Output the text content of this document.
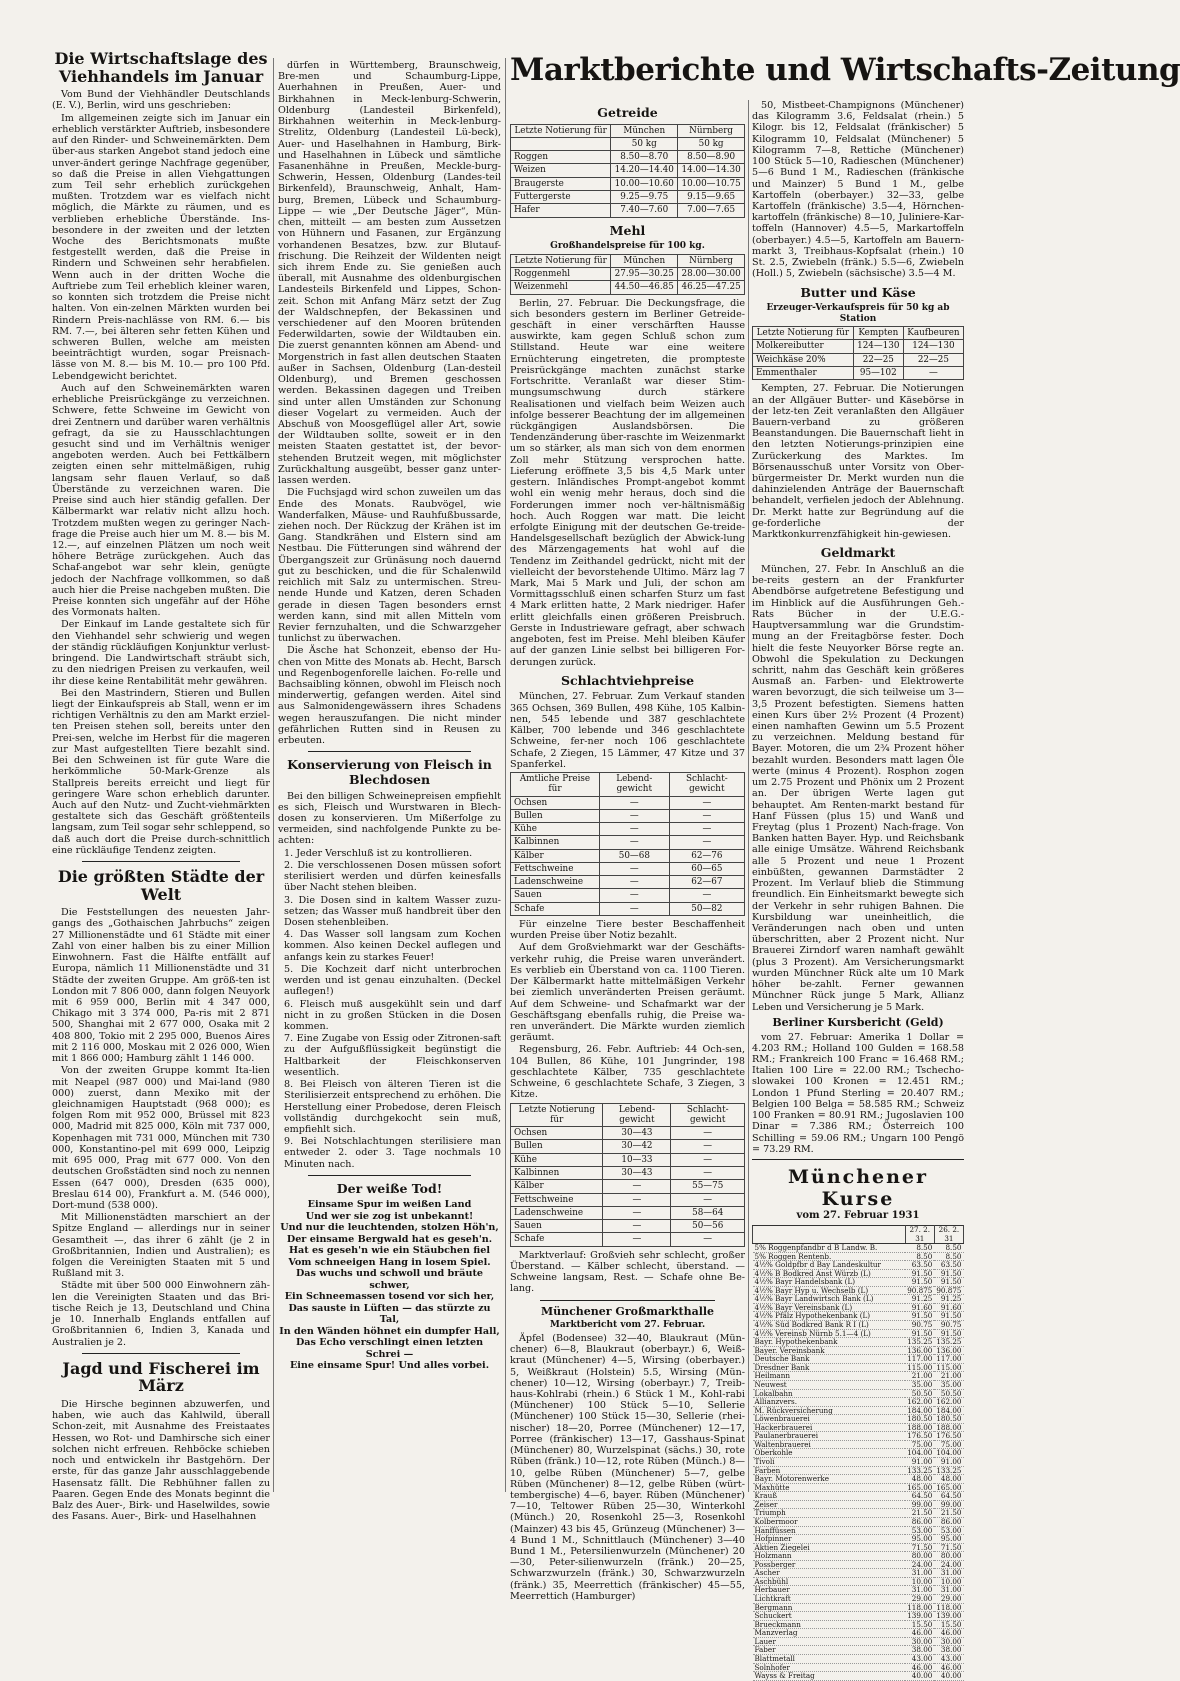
Marktberichte und Wirtschafts-Zeitung
Die Wirtschaftslage des Viehhandels im Januar

Vom Bund der Viehhändler Deutschlands (E. V.), Berlin, wird uns geschrieben:

Im allgemeinen zeigte sich im Januar ein erheblich verstärkter Auftrieb, insbesondere auf den Rinder- und Schweinemärkten. Dem über-aus starken Angebot stand jedoch eine unver-ändert geringe Nachfrage gegenüber, so daß die Preise in allen Viehgattungen zum Teil sehr erheblich zurückgehen mußten. Trotzdem war es vielfach nicht möglich, die Märkte zu räumen, und es verblieben erhebliche Überstände. Ins-besondere in der zweiten und der letzten Woche des Berichtsmonats mußte festgestellt werden, daß die Preise in Rindern und Schweinen sehr herabfielen. Wenn auch in der dritten Woche die Auftriebe zum Teil erheblich kleiner waren, so konnten sich trotzdem die Preise nicht halten. Von ein-zelnen Märkten wurden bei Rindern Preis-nachlässe von RM. 6.— bis RM. 7.—, bei älteren sehr fetten Kühen und schweren Bullen, welche am meisten beeinträchtigt wurden, sogar Preisnach-lässe von M. 8.— bis M. 10.— pro 100 Pfd. Lebendgewicht berichtet.

Auch auf den Schweinemärkten waren erhebliche Preisrückgänge zu verzeichnen. Schwere, fette Schweine im Gewicht von drei Zentnern und darüber waren verhältnis gefragt, da sie zu Hausschlachtungen gesucht sind und im Verhältnis weniger angeboten werden. Auch bei Fettkälbern zeigten einen sehr mittelmäßigen, ruhig langsam sehr flauen Verlauf, so daß Überstände zu verzeichnen waren. Die Preise sind auch hier ständig gefallen. Der Kälbermarkt war relativ nicht allzu hoch. Trotzdem mußten wegen zu geringer Nach-frage die Preise auch hier um M. 8.— bis M. 12.—, auf einzelnen Plätzen um noch weit höhere Beträge zurückgehen. Auch das Schaf-angebot war sehr klein, genügte jedoch der Nachfrage vollkommen, so daß auch hier die Preise nachgeben mußten. Die Preise konnten sich ungefähr auf der Höhe des Vormonats halten.

Der Einkauf im Lande gestaltete sich für den Viehhandel sehr schwierig und wegen der ständig rückläufigen Konjunktur verlust-bringend. Die Landwirtschaft sträubt sich, zu den niedrigen Preisen zu verkaufen, weil ihr diese keine Rentabilität mehr gewähren.

Bei den Mastrindern, Stieren und Bullen liegt der Einkaufspreis ab Stall, wenn er im richtigen Verhältnis zu den am Markt erziel-ten Preisen stehen soll, bereits unter den Prei-sen, welche im Herbst für die mageren zur Mast aufgestellten Tiere bezahlt sind. Bei den Schweinen ist für gute Ware die herkömmliche 50-Mark-Grenze als Stallpreis bereits erreicht und liegt für geringere Ware schon erheblich darunter. Auch auf den Nutz- und Zucht-viehmärkten gestaltete sich das Geschäft größtenteils langsam, zum Teil sogar sehr schleppend, so daß auch dort die Preise durch-schnittlich eine rückläufige Tendenz zeigten.

Die größten Städte der Welt

Die Feststellungen des neuesten Jahr-gangs des „Gothaischen Jahrbuchs“ zeigen 27 Millionenstädte und 61 Städte mit einer Zahl von einer halben bis zu einer Million Einwohnern. Fast die Hälfte entfällt auf Europa, nämlich 11 Millionenstädte und 31 Städte der zweiten Gruppe. Am größ-ten ist London mit 7 806 000, dann folgen Neuyork mit 6 959 000, Berlin mit 4 347 000, Chikago mit 3 374 000, Pa-ris mit 2 871 500, Shanghai mit 2 677 000, Osaka mit 2 408 800, Tokio mit 2 295 000, Buenos Aires mit 2 116 000, Moskau mit 2 026 000, Wien mit 1 866 000; Hamburg zählt 1 146 000.

Von der zweiten Gruppe kommt Ita-lien mit Neapel (987 000) und Mai-land (980 000) zuerst, dann Mexiko mit der gleichnamigen Hauptstadt (968 000); es folgen Rom mit 952 000, Brüssel mit 823 000, Madrid mit 825 000, Köln mit 737 000, Kopenhagen mit 731 000, München mit 730 000, Konstantino-pel mit 699 000, Leipzig mit 695 000, Prag mit 677 000. Von den deutschen Großstädten sind noch zu nennen Essen (647 000), Dresden (635 000), Breslau 614 00), Frankfurt a. M. (546 000), Dort-mund (538 000).

Mit Millionenstädten marschiert an der Spitze England — allerdings nur in seiner Gesamtheit —, das ihrer 6 zählt (je 2 in Großbritannien, Indien und Australien); es folgen die Vereinigten Staaten mit 5 und Rußland mit 3.

Städte mit über 500 000 Einwohnern zäh-len die Vereinigten Staaten und das Bri-tische Reich je 13, Deutschland und China je 10. Innerhalb Englands entfallen auf Großbritannien 6, Indien 3, Kanada und Australien je 2.

Jagd und Fischerei im März

Die Hirsche beginnen abzuwerfen, und haben, wie auch das Kahlwild, überall Schon-zeit, mit Ausnahme des Freistaates Hessen, wo Rot- und Damhirsche sich einer solchen nicht erfreuen. Rehböcke schieben noch und entwickeln ihr Bastgehörn. Der erste, für das ganze Jahr ausschlaggebende Hasensatz fällt. Die Rebhühner fallen zu Paaren. Gegen Ende des Monats beginnt die Balz des Auer-, Birk- und Haselwildes, sowie des Fasans. Auer-, Birk- und Haselhahnen

dürfen in Württemberg, Braunschweig, Bre-men und Schaumburg-Lippe, Auerhahnen in Preußen, Auer- und Birkhahnen in Meck-lenburg-Schwerin, Oldenburg (Landesteil Birkenfeld), Birkhahnen weiterhin in Meck-lenburg-Strelitz, Oldenburg (Landesteil Lü-beck), Auer- und Haselhahnen in Hamburg, Birk- und Haselhahnen in Lübeck und sämtliche Fasanenhähne in Preußen, Meckle-burg-Schwerin, Hessen, Oldenburg (Landes-teil Birkenfeld), Braunschweig, Anhalt, Ham-burg, Bremen, Lübeck und Schaumburg-Lippe — wie „Der Deutsche Jäger“, Mün-chen, mitteilt — am besten zum Aussetzen von Hühnern und Fasanen, zur Ergänzung vorhandenen Besatzes, bzw. zur Blutauf-frischung. Die Reihzeit der Wildenten neigt sich ihrem Ende zu. Sie genießen auch überall, mit Ausnahme des oldenburgischen Landesteils Birkenfeld und Lippes, Schon-zeit. Schon mit Anfang März setzt der Zug der Waldschnepfen, der Bekassinen und verschiedener auf den Mooren brütenden Federwildarten, sowie der Wildtauben ein. Die zuerst genannten können am Abend- und Morgenstrich in fast allen deutschen Staaten außer in Sachsen, Oldenburg (Lan-desteil Oldenburg), und Bremen geschossen werden. Bekassinen dagegen und Treiben sind unter allen Umständen zur Schonung dieser Vogelart zu vermeiden. Auch der Abschuß von Moosgeflügel aller Art, sowie der Wildtauben sollte, soweit er in den meisten Staaten gestattet ist, der bevor-stehenden Brutzeit wegen, mit möglichster Zurückhaltung ausgeübt, besser ganz unter-lassen werden.

Die Fuchsjagd wird schon zuweilen um das Ende des Monats. Raubvögel, wie Wanderfalken, Mäuse- und Rauhfußbussarde, ziehen noch. Der Rückzug der Krähen ist im Gang. Standkrähen und Elstern sind am Nestbau. Die Fütterungen sind während der Übergangszeit zur Grünäsung noch dauernd gut zu beschicken, und die für Schalenwild reichlich mit Salz zu untermischen. Streu-nende Hunde und Katzen, deren Schaden gerade in diesen Tagen besonders ernst werden kann, sind mit allen Mitteln vom Revier fernzuhalten, und die Schwarzgeher tunlichst zu überwachen.

Die Äsche hat Schonzeit, ebenso der Hu-chen von Mitte des Monats ab. Hecht, Barsch und Regenbogenforelle laichen. Fo-relle und Bachsaibling können, obwohl im Fleisch noch minderwertig, gefangen werden. Aitel sind aus Salmonidengewässern ihres Schadens wegen herauszufangen. Die nicht minder gefährlichen Rutten sind in Reusen zu erbeuten.

Konservierung von Fleisch in Blechdosen

Bei den billigen Schweinepreisen empfiehlt es sich, Fleisch und Wurstwaren in Blech-dosen zu konservieren. Um Mißerfolge zu vermeiden, sind nachfolgende Punkte zu be-achten:

1. Jeder Verschluß ist zu kontrollieren.

2. Die verschlossenen Dosen müssen sofort sterilisiert werden und dürfen keinesfalls über Nacht stehen bleiben.

3. Die Dosen sind in kaltem Wasser zuzu-setzen; das Wasser muß handbreit über den Dosen stehenbleiben.

4. Das Wasser soll langsam zum Kochen kommen. Also keinen Deckel auflegen und anfangs kein zu starkes Feuer!

5. Die Kochzeit darf nicht unterbrochen werden und ist genau einzuhalten. (Deckel auflegen!)

6. Fleisch muß ausgekühlt sein und darf nicht in zu großen Stücken in die Dosen kommen.

7. Eine Zugabe von Essig oder Zitronen-saft zu der Aufgußflüssigkeit begünstigt die Haltbarkeit der Fleischkonserven wesentlich.

8. Bei Fleisch von älteren Tieren ist die Sterilisierzeit entsprechend zu erhöhen. Die Herstellung einer Probedose, deren Fleisch vollständig durchgekocht sein muß, empfiehlt sich.

9. Bei Notschlachtungen sterilisiere man entweder 2. oder 3. Tage nochmals 10 Minuten nach.

Der weiße Tod!
Einsame Spur im weißen Land
Und wer sie zog ist unbekannt!
Und nur die leuchtenden, stolzen Höh'n,
Der einsame Bergwald hat es geseh'n.
Hat es geseh'n wie ein Stäubchen fiel
Vom schneeigen Hang in losem Spiel.
Das wuchs und schwoll und bräute schwer,
Ein Schneemassen tosend vor sich her,
Das sauste in Lüften — das stürzte zu Tal,
In den Wänden höhnet ein dumpfer Hall,
Das Echo verschlingt einen letzten Schrei —
Eine einsame Spur! Und alles vorbei.
Getreide
Letzte Notierung für	München	Nürnberg
	50 kg	50 kg
Roggen	8.50—8.70	8.50—8.90
Weizen	14.20—14.40	14.00—14.30
Braugerste	10.00—10.60	10.00—10.75
Futtergerste	9.25—9.75	9.15—9.65
Hafer	7.40—7.60	7.00—7.65
Mehl
Großhandelspreise für 100 kg.
Letzte Notierung für	München	Nürnberg
Roggenmehl	27.95—30.25	28.00—30.00
Weizenmehl	44.50—46.85	46.25—47.25

Berlin, 27. Februar. Die Deckungsfrage, die sich besonders gestern im Berliner Getreide-geschäft in einer verschärften Hausse auswirkte, kam gegen Schluß schon zum Stillstand. Heute war eine weitere Ernüchterung eingetreten, die prompteste Preisrückgänge machten zunächst starke Fortschritte. Veranlaßt war dieser Stim-mungsumschwung durch stärkere Realisationen und vielfach beim Weizen auch infolge besserer Beachtung der im allgemeinen rückgängigen Auslandsbörsen. Die Tendenzänderung über-raschte im Weizenmarkt um so stärker, als man sich von dem enormen Zoll mehr Stützung versprochen hatte. Lieferung eröffnete 3,5 bis 4,5 Mark unter gestern. Inländisches Prompt-angebot kommt wohl ein wenig mehr heraus, doch sind die Forderungen immer noch ver-hältnismäßig hoch. Auch Roggen war matt. Die leicht erfolgte Einigung mit der deutschen Ge-treide-Handelsgesellschaft bezüglich der Abwick-lung des Märzengagements hat wohl auf die Tendenz im Zeithandel gedrückt, nicht mit der vielleicht der bevorstehende Ultimo. März lag 7 Mark, Mai 5 Mark und Juli, der schon am Vormittagsschluß einen scharfen Sturz um fast 4 Mark erlitten hatte, 2 Mark niedriger. Hafer erlitt gleichfalls einen größeren Preisbruch. Gerste in Industrieware gefragt, aber schwach angeboten, fest im Preise. Mehl bleiben Käufer auf der ganzen Linie selbst bei billigeren For-derungen zurück.

Schlachtviehpreise

München, 27. Februar. Zum Verkauf standen 365 Ochsen, 369 Bullen, 498 Kühe, 105 Kalbin-nen, 545 lebende und 387 geschlachtete Kälber, 700 lebende und 346 geschlachtete Schweine, fer-ner noch 106 geschlachtete Schafe, 2 Ziegen, 15 Lämmer, 47 Kitze und 37 Spanferkel.

Amtliche Preise für	Lebend-gewicht	Schlacht-gewicht
Ochsen	—	—
Bullen	—	—
Kühe	—	—
Kalbinnen	—	—
Kälber	50—68	62—76
Fettschweine	—	60—65
Ladenschweine	—	62—67
Sauen	—	—
Schafe	—	50—82

Für einzelne Tiere bester Beschaffenheit wurden Preise über Notiz bezahlt.

Auf dem Großviehmarkt war der Geschäfts-verkehr ruhig, die Preise waren unverändert. Es verblieb ein Überstand von ca. 1100 Tieren. Der Kälbermarkt hatte mittelmäßigen Verkehr bei ziemlich unveränderten Preisen geräumt. Auf dem Schweine- und Schafmarkt war der Geschäftsgang ebenfalls ruhig, die Preise wa-ren unverändert. Die Märkte wurden ziemlich geräumt.

Regensburg, 26. Febr. Auftrieb: 44 Och-sen, 104 Bullen, 86 Kühe, 101 Jungrinder, 198 geschlachtete Kälber, 735 geschlachtete Schweine, 6 geschlachtete Schafe, 3 Ziegen, 3 Kitze.

Letzte Notierung für	Lebend-gewicht	Schlacht-gewicht
Ochsen	30—43	—
Bullen	30—42	—
Kühe	10—33	—
Kalbinnen	30—43	—
Kälber	—	55—75
Fettschweine	—	—
Ladenschweine	—	58—64
Sauen	—	50—56
Schafe	—	—

Marktverlauf: Großvieh sehr schlecht, großer Überstand. — Kälber schlecht, überstand. — Schweine langsam, Rest. — Schafe ohne Be-lang.

Münchener Großmarkthalle
Marktbericht vom 27. Februar.

Äpfel (Bodensee) 32—40, Blaukraut (Mün-chener) 6—8, Blaukraut (oberbayr.) 6, Weiß-kraut (Münchener) 4—5, Wirsing (oberbayer.) 5, Weißkraut (Holstein) 5.5, Wirsing (Mün-chener) 10—12, Wirsing (oberbayr.) 7, Treib-haus-Kohlrabi (rhein.) 6 Stück 1 M., Kohl-rabi (Münchener) 100 Stück 5—10, Sellerie (Münchener) 100 Stück 15—30, Sellerie (rhei-nischer) 18—20, Porree (Münchener) 12—17, Porree (fränkischer) 13—17, Gasshaus-Spinat (Münchener) 80, Wurzelspinat (sächs.) 30, rote Rüben (fränk.) 10—12, rote Rüben (Münch.) 8—10, gelbe Rüben (Münchener) 5—7, gelbe Rüben (Münchener) 8—12, gelbe Rüben (würt-tembergische) 4—6, bayer. Rüben (Münchener) 7—10, Teltower Rüben 25—30, Winterkohl (Münch.) 20, Rosenkohl 25—3, Rosenkohl (Mainzer) 43 bis 45, Grünzeug (Münchener) 3—4 Bund 1 M., Schnittlauch (Münchener) 3—40 Bund 1 M., Petersilienwurzeln (Münchener) 20—30, Peter-silienwurzeln (fränk.) 20—25, Schwarzwurzeln (fränk.) 30, Schwarzwurzeln (fränk.) 35, Meerrettich (fränkischer) 45—55, Meerrettich (Hamburger)

50, Mistbeet-Champignons (Münchener) das Kilogramm 3.6, Feldsalat (rhein.) 5 Kilogr. bis 12, Feldsalat (fränkischer) 5 Kilogramm 10, Feldsalat (Münchener) 5 Kilogramm 7—8, Rettiche (Münchener) 100 Stück 5—10, Radieschen (Münchener) 5—6 Bund 1 M., Radieschen (fränkische und Mainzer) 5 Bund 1 M., gelbe Kartoffeln (oberbayer.) 32—33, gelbe Kartoffeln (fränkische) 3.5—4, Hörnchen-kartoffeln (fränkische) 8—10, Juliniere-Kar-toffeln (Hannover) 4.5—5, Markartoffeln (oberbayer.) 4.5—5, Kartoffeln am Bauern-markt 3, Treibhaus-Kopfsalat (rhein.) 10 St. 2.5, Zwiebeln (fränk.) 5.5—6, Zwiebeln (Holl.) 5, Zwiebeln (sächsische) 3.5—4 M.

Butter und Käse
Erzeuger-Verkaufspreis für 50 kg ab Station
Letzte Notierung für	Kempten	Kaufbeuren
Molkereibutter	124—130	124—130
Weichkäse 20%	22—25	22—25
Emmenthaler	95—102	—

Kempten, 27. Februar. Die Notierungen an der Allgäuer Butter- und Käsebörse in der letz-ten Zeit veranlaßten den Allgäuer Bauern-verband zu größeren Beanstandungen. Die Bauernschaft lieht in den letzten Notierungs-prinzipien eine Zurückerkung des Marktes. Im Börsenausschuß unter Vorsitz von Ober-bürgermeister Dr. Merkt wurden nun die dahinzielenden Anträge der Bauernschaft behandelt, verfielen jedoch der Ablehnung. Dr. Merkt hatte zur Begründung auf die ge-forderliche der Marktkonkurrenzfähigkeit hin-gewiesen.

Geldmarkt

München, 27. Febr. In Anschluß an die be-reits gestern an der Frankfurter Abendbörse aufgetretene Befestigung und im Hinblick auf die Ausführungen Geh.-Rats Bücher in der U.E.G.-Hauptversammlung war die Grundstim-mung an der Freitagbörse fester. Doch hielt die feste Neuyorker Börse regte an. Obwohl die Spekulation zu Deckungen schritt, nahm das Geschäft kein größeres Ausmaß an. Farben- und Elektrowerte waren bevorzugt, die sich teilweise um 3—3,5 Prozent befestigten. Siemens hatten einen Kurs über 2½ Prozent (4 Prozent) einen namhaften Gewinn um 5.5 Prozent zu verzeichnen. Meldung bestand für Bayer. Motoren, die um 2¾ Prozent höher bezahlt wurden. Besonders matt lagen Öle werte (minus 4 Prozent). Rosphon zogen um 2.75 Prozent und Phönix um 2 Prozent an. Der übrigen Werte lagen gut behauptet. Am Renten-markt bestand für Hanf Füssen (plus 15) und Wanß und Freytag (plus 1 Prozent) Nach-frage. Von Banken hatten Bayer. Hyp. und Reichsbank alle einige Umsätze. Während Reichsbank alle 5 Prozent und neue 1 Prozent einbüßten, gewannen Darmstädter 2 Prozent. Im Verlauf blieb die Stimmung freundlich. Ein Einheitsmarkt bewegte sich der Verkehr in sehr ruhigen Bahnen. Die Kursbildung war uneinheitlich, die Veränderungen nach oben und unten überschritten, aber 2 Prozent nicht. Nur Brauerei Zirndorf waren namhaft gewählt (plus 3 Prozent). Am Versicherungsmarkt wurden Münchner Rück alte um 10 Mark höher be-zahlt. Ferner gewannen Münchner Rück junge 5 Mark, Allianz Leben und Versicherung je 5 Mark.

Berliner Kursbericht (Geld)

vom 27. Februar: Amerika 1 Dollar = 4.203 RM.; Holland 100 Gulden = 168.58 RM.; Frankreich 100 Franc = 16.468 RM.; Italien 100 Lire = 22.00 RM.; Tschecho-slowakei 100 Kronen = 12.451 RM.; London 1 Pfund Sterling = 20.407 RM.; Belgien 100 Belga = 58.585 RM.; Schweiz 100 Franken = 80.91 RM.; Jugoslavien 100 Dinar = 7.386 RM.; Österreich 100 Schilling = 59.06 RM.; Ungarn 100 Pengö = 73.29 RM.

Münchener Kurse
vom 27. Februar 1931
	27. 2. 31	26. 2. 31
5% Roggenpfandbr d B Landw. B.	8.50	8.50
5% Roggen Rentenb.	8.50	8.50
4½% Goldpfbr d Bay Landeskultur	63.50	63.50
4½% B Bodkred Anst Würzb (L)	91.50	91.50
4½% Bayr Handelsbank (L)	91.50	91.50
4½% Bayr Hyp u. Wechselb (L)	90.875	90.875
4½% Bayr Landwirtsch Bank (L)	91.25	91.25
4½% Bayr Vereinsbank (L)	91.60	91.60
4½% Pfälz Hypothekenbank (L)	91.50	91.50
4½% Süd Bodkred Bank R I (L)	90.75	90.75
4½% Vereinsb Nürnb 5.1—4 (L)	91.50	91.50
Bayr. Hypothekenbank	135.25	135.25
Bayer. Vereinsbank	136.00	136.00
Deutsche Bank	117.00	117.00
Dresdner Bank	115.00	115.00
Heilmann	21.00	21.00
Neuwest	35.00	35.00
Lokalbahn	50.50	50.50
Allianzvers.	162.00	162.00
M. Rückversicherung	184.00	184.00
Löwenbrauerei	180.50	180.50
Hackerbrauerei	188.00	188.00
Paulanerbrauerei	176.50	176.50
Waltenbrauerei	75.00	75.00
Oberkohle	104.00	104.00
Tivoli	91.00	91.00
Farben	133.25	133.25
Bayr. Motorenwerke	48.00	48.00
Maxhütte	165.00	165.00
Krauß	64.50	64.50
Zeiser	99.00	99.00
Triumph	21.50	21.50
Kolbermoor	86.00	86.00
Hanffüssen	53.00	53.00
Hofpinner	95.00	95.00
Aktien Ziegelei	71.50	71.50
Holzmann	80.00	80.00
Possberger	24.00	24.00
Ascher	31.00	31.00
Aschbühl	10.00	10.00
Herbauer	31.00	31.00
Lichtkraft	29.00	29.00
Bergmann	118.00	118.00
Schuckert	139.00	139.00
Brueckmann	15.50	15.50
Manzverlag	46.00	46.00
Lauer	30.00	30.00
Faber	38.00	38.00
Blattmetall	43.00	43.00
Solnhofer	46.00	46.00
Wayss & Freitag	40.00	40.00
